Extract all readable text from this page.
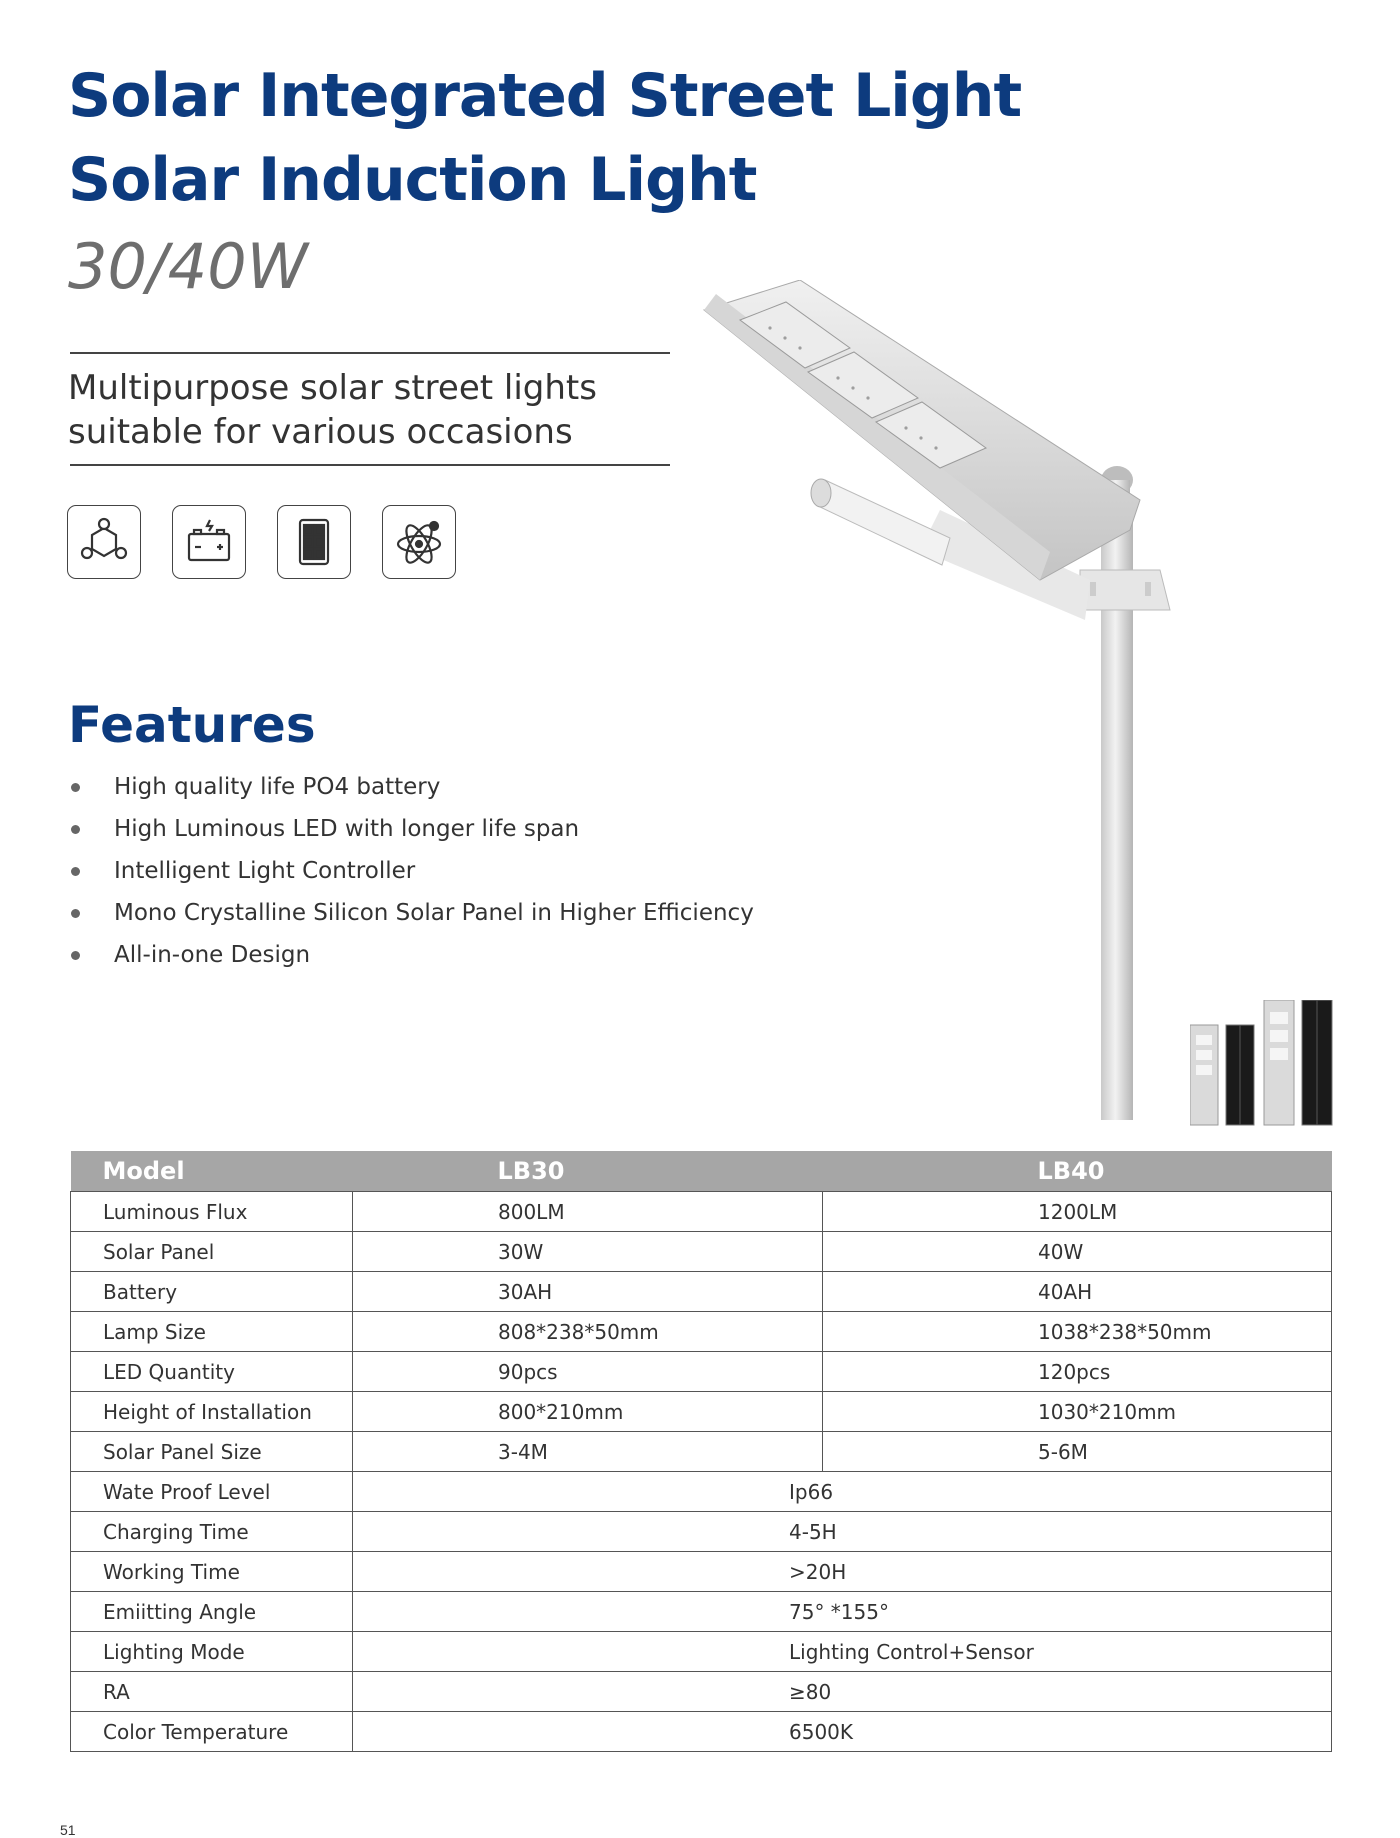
Solar Integrated Street Light
Solar Induction Light
30/40W
Multipurpose solar street lights
suitable for various occasions
Features
High quality life PO4 battery
High Luminous LED with longer life span
Intelligent Light Controller
Mono Crystalline Silicon Solar Panel in Higher Efficiency
All-in-one Design
Model	LB30	LB40
Luminous Flux	800LM	1200LM
Solar Panel	30W	40W
Battery	30AH	40AH
Lamp Size	808*238*50mm	1038*238*50mm
LED Quantity	90pcs	120pcs
Height of Installation	800*210mm	1030*210mm
Solar Panel Size	3-4M	5-6M
Wate Proof Level	Ip66	
Charging Time	4-5H	
Working Time	>20H	
Emiitting Angle	75° *155°	
Lighting Mode	Lighting Control+Sensor	
RA	≥80	
Color Temperature	6500K	
51
